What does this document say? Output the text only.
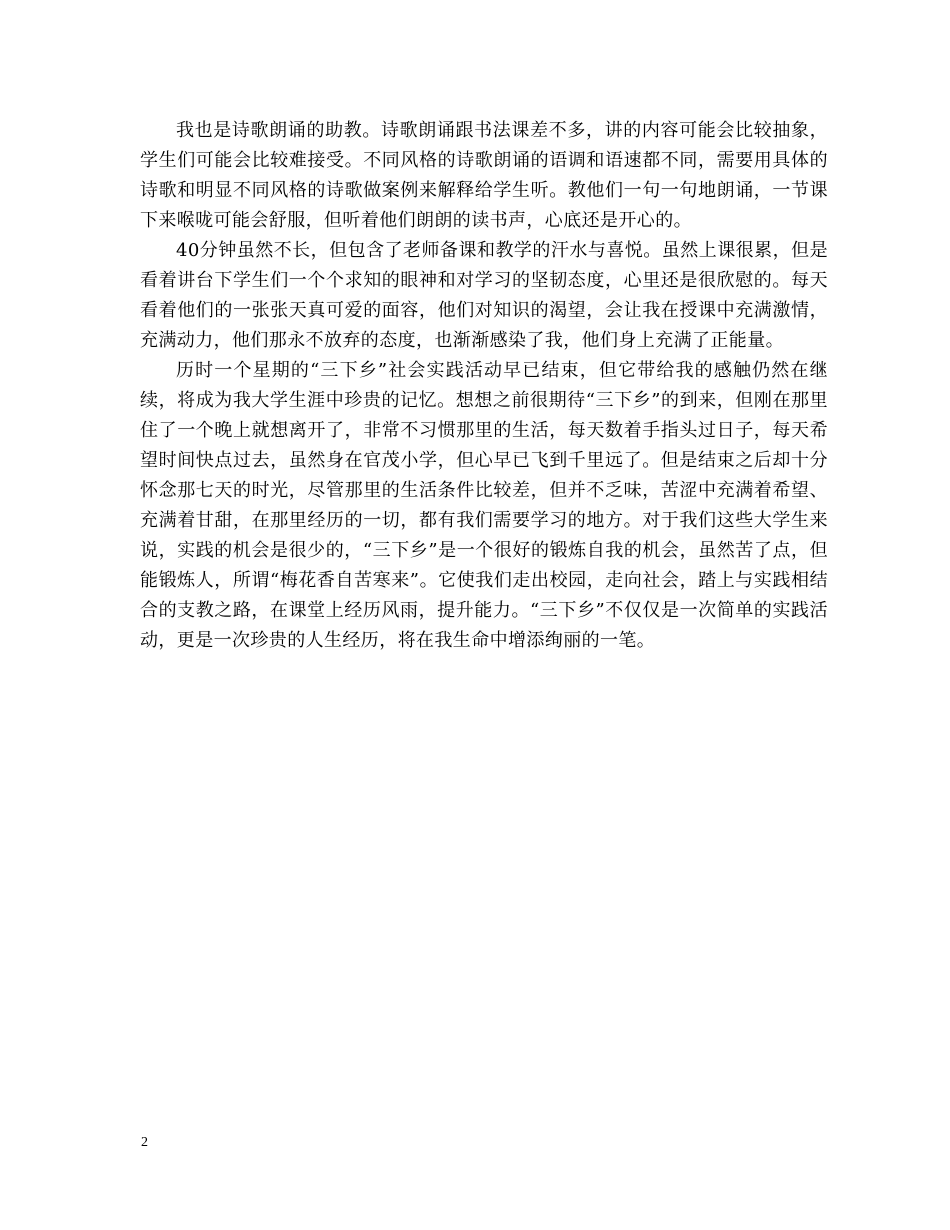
我也是诗歌朗诵的助教。诗歌朗诵跟书法课差不多，讲的内容可能会比较抽象，学生们可能会比较难接受。不同风格的诗歌朗诵的语调和语速都不同，需要用具体的诗歌和明显不同风格的诗歌做案例来解释给学生听。教他们一句一句地朗诵，一节课下来喉咙可能会舒服，但听着他们朗朗的读书声，心底还是开心的。

40分钟虽然不长，但包含了老师备课和教学的汗水与喜悦。虽然上课很累，但是看着讲台下学生们一个个求知的眼神和对学习的坚韧态度，心里还是很欣慰的。每天看着他们的一张张天真可爱的面容，他们对知识的渴望，会让我在授课中充满激情，充满动力，他们那永不放弃的态度，也渐渐感染了我，他们身上充满了正能量。

历时一个星期的“三下乡”社会实践活动早已结束，但它带给我的感触仍然在继续，将成为我大学生涯中珍贵的记忆。想想之前很期待“三下乡”的到来，但刚在那里住了一个晚上就想离开了，非常不习惯那里的生活，每天数着手指头过日子，每天希望时间快点过去，虽然身在官茂小学，但心早已飞到千里远了。但是结束之后却十分怀念那七天的时光，尽管那里的生活条件比较差，但并不乏味，苦涩中充满着希望、充满着甘甜，在那里经历的一切，都有我们需要学习的地方。对于我们这些大学生来说，实践的机会是很少的，“三下乡”是一个很好的锻炼自我的机会，虽然苦了点，但能锻炼人，所谓“梅花香自苦寒来”。它使我们走出校园，走向社会，踏上与实践相结合的支教之路，在课堂上经历风雨，提升能力。“三下乡”不仅仅是一次简单的实践活动，更是一次珍贵的人生经历，将在我生命中增添绚丽的一笔。

2
